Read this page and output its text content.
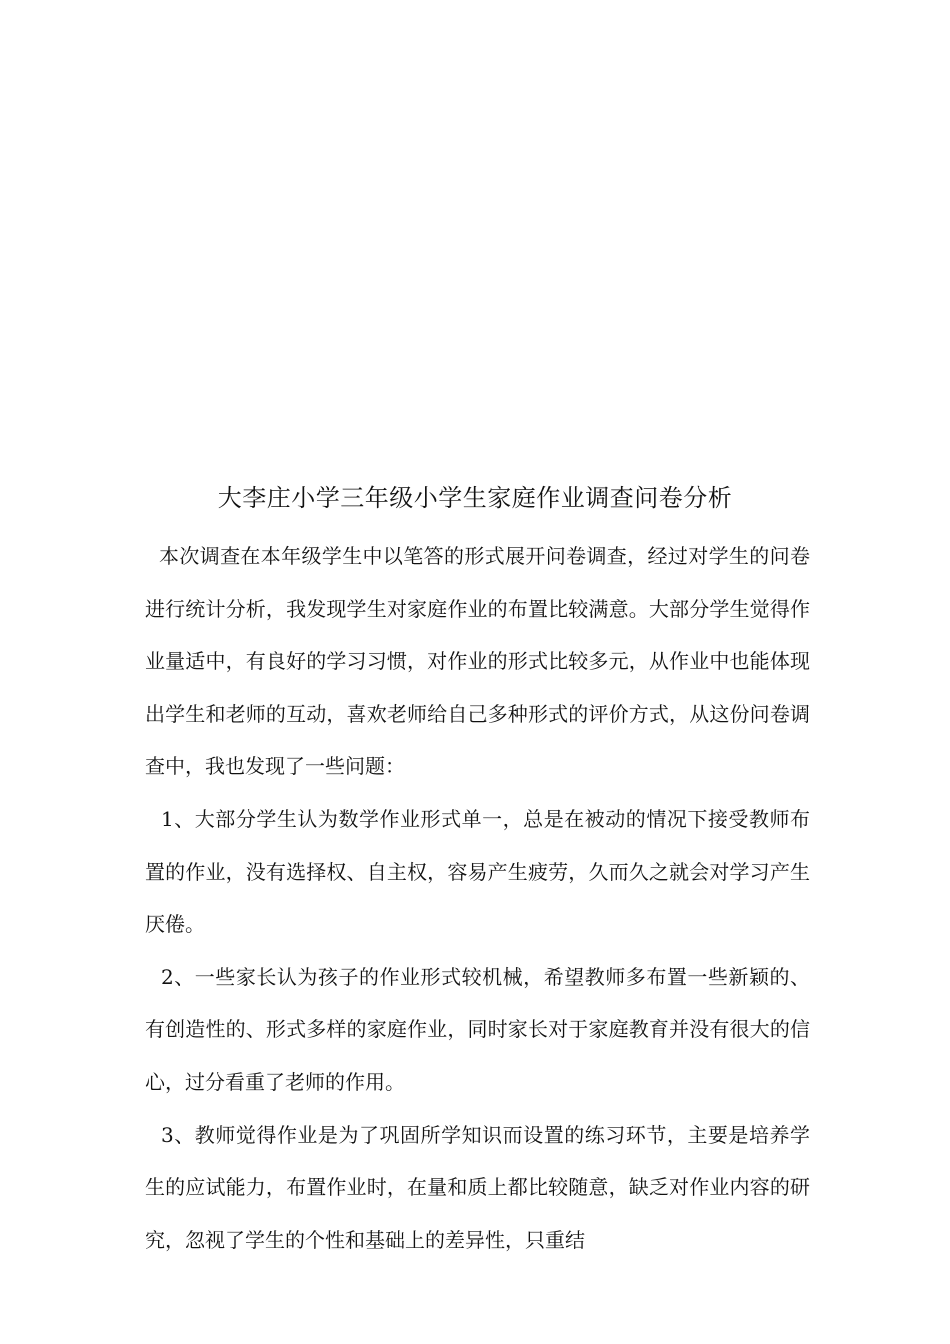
大李庄小学三年级小学生家庭作业调查问卷分析

本次调查在本年级学生中以笔答的形式展开问卷调查，经过对学生的问卷进行统计分析，我发现学生对家庭作业的布置比较满意。大部分学生觉得作业量适中，有良好的学习习惯，对作业的形式比较多元，从作业中也能体现出学生和老师的互动，喜欢老师给自己多种形式的评价方式，从这份问卷调查中，我也发现了一些问题：

1、大部分学生认为数学作业形式单一，总是在被动的情况下接受教师布置的作业，没有选择权、自主权，容易产生疲劳，久而久之就会对学习产生厌倦。

2、一些家长认为孩子的作业形式较机械，希望教师多布置一些新颖的、有创造性的、形式多样的家庭作业，同时家长对于家庭教育并没有很大的信心，过分看重了老师的作用。

3、教师觉得作业是为了巩固所学知识而设置的练习环节，主要是培养学生的应试能力，布置作业时，在量和质上都比较随意，缺乏对作业内容的研究，忽视了学生的个性和基础上的差异性，只重结
